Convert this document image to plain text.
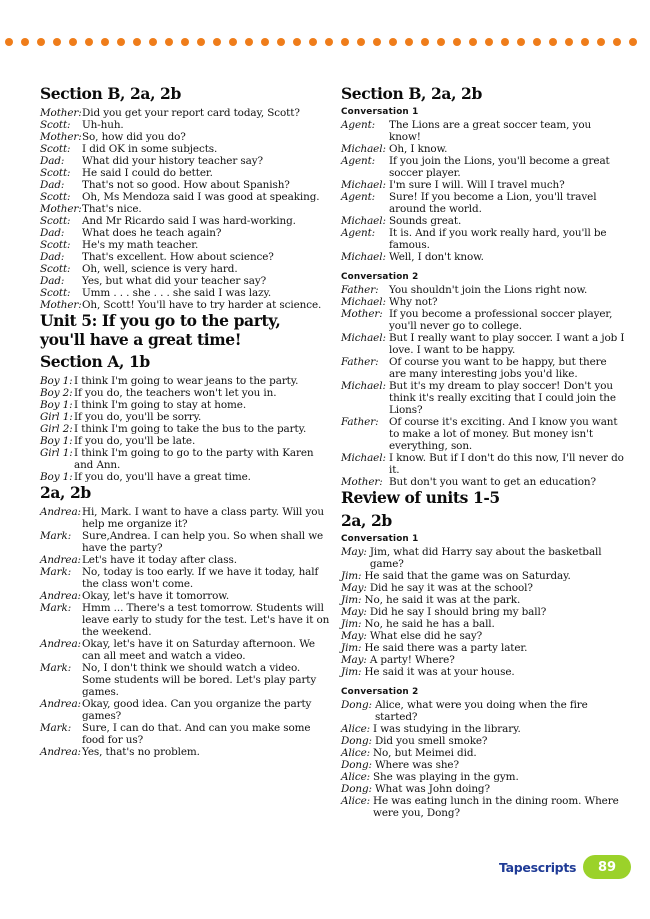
Section B, 2a, 2b
Mother: Did you get your report card today, Scott?
Scott:	Uh-huh.
Mother: So, how did you do?
Scott:	I did OK in some subjects.
Dad:	What did your history teacher say?
Scott:	He said I could do better.
Dad:	That's not so good. How about Spanish?
Scott:	Oh, Ms Mendoza said I was good at speaking.
Mother: That's nice.
Scott:	And Mr Ricardo said I was hard-working.
Dad:	What does he teach again?
Scott:	He's my math teacher.
Dad:	That's excellent. How about science?
Scott:	Oh, well, science is very hard.
Dad:	Yes, but what did your teacher say?
Scott:	Umm . . . she . . . she said I was lazy.
Mother: Oh, Scott! You'll have to try harder at science.
Unit 5: If you go to the party, you'll have a great time!
Section A, 1b
Boy 1: I think I'm going to wear jeans to the party.
Boy 2: If you do, the teachers won't let you in.
Boy 1: I think I'm going to stay at home.
Girl 1: If you do, you'll be sorry.
Girl 2: I think I'm going to take the bus to the party.
Boy 1: If you do, you'll be late.
Girl 1: I think I'm going to go to the party with Karen and Ann.
Boy 1: If you do, you'll have a great time.
2a, 2b
Andrea: Hi, Mark. I want to have a class party. Will you help me organize it?
Mark:	Sure,Andrea. I can help you. So when shall we have the party?
Andrea: Let's have it today after class.
Mark:	No, today is too early. If we have it today, half the class won't come.
Andrea: Okay, let's have it tomorrow.
Mark:	Hmm ... There's a test tomorrow. Students will leave early to study for the test. Let's have it on the weekend.
Andrea: Okay, let's have it on Saturday afternoon. We can all meet and watch a video.
Mark:	No, I don't think we should watch a video. Some students will be bored. Let's play party games.
Andrea: Okay, good idea. Can you organize the party games?
Mark:	Sure, I can do that. And can you make some food for us?
Andrea: Yes, that's no problem.
Section B, 2a, 2b
Conversation 1
Agent:	The Lions are a great soccer team, you know!
Michael: Oh, I know.
Agent:	If you join the Lions, you'll become a great soccer player.
Michael: I'm sure I will. Will I travel much?
Agent:	Sure! If you become a Lion, you'll travel around the world.
Michael: Sounds great.
Agent:	It is. And if you work really hard, you'll be famous.
Michael: Well, I don't know.
Conversation 2
Father:	You shouldn't join the Lions right now.
Michael: Why not?
Mother: If you become a professional soccer player, you'll never go to college.
Michael: But I really want to play soccer. I want a job I love. I want to be happy.
Father:	Of course you want to be happy, but there are many interesting jobs you'd like.
Michael: But it's my dream to play soccer! Don't you think it's really exciting that I could join the Lions?
Father:	Of course it's exciting. And I know you want to make a lot of money. But money isn't everything, son.
Michael: I know. But if I don't do this now, I'll never do it.
Mother: But don't you want to get an education?
Review of units 1-5
2a, 2b
Conversation 1
May: Jim, what did Harry say about the basketball game?
Jim: He said that the game was on Saturday.
May: Did he say it was at the school?
Jim: No, he said it was at the park.
May: Did he say I should bring my ball?
Jim: No, he said he has a ball.
May: What else did he say?
Jim: He said there was a party later.
May: A party! Where?
Jim: He said it was at your house.
Conversation 2
Dong: Alice, what were you doing when the fire started?
Alice: I was studying in the library.
Dong: Did you smell smoke?
Alice: No, but Meimei did.
Dong: Where was she?
Alice: She was playing in the gym.
Dong: What was John doing?
Alice: He was eating lunch in the dining room. Where were you, Dong?
Tapescripts	89
